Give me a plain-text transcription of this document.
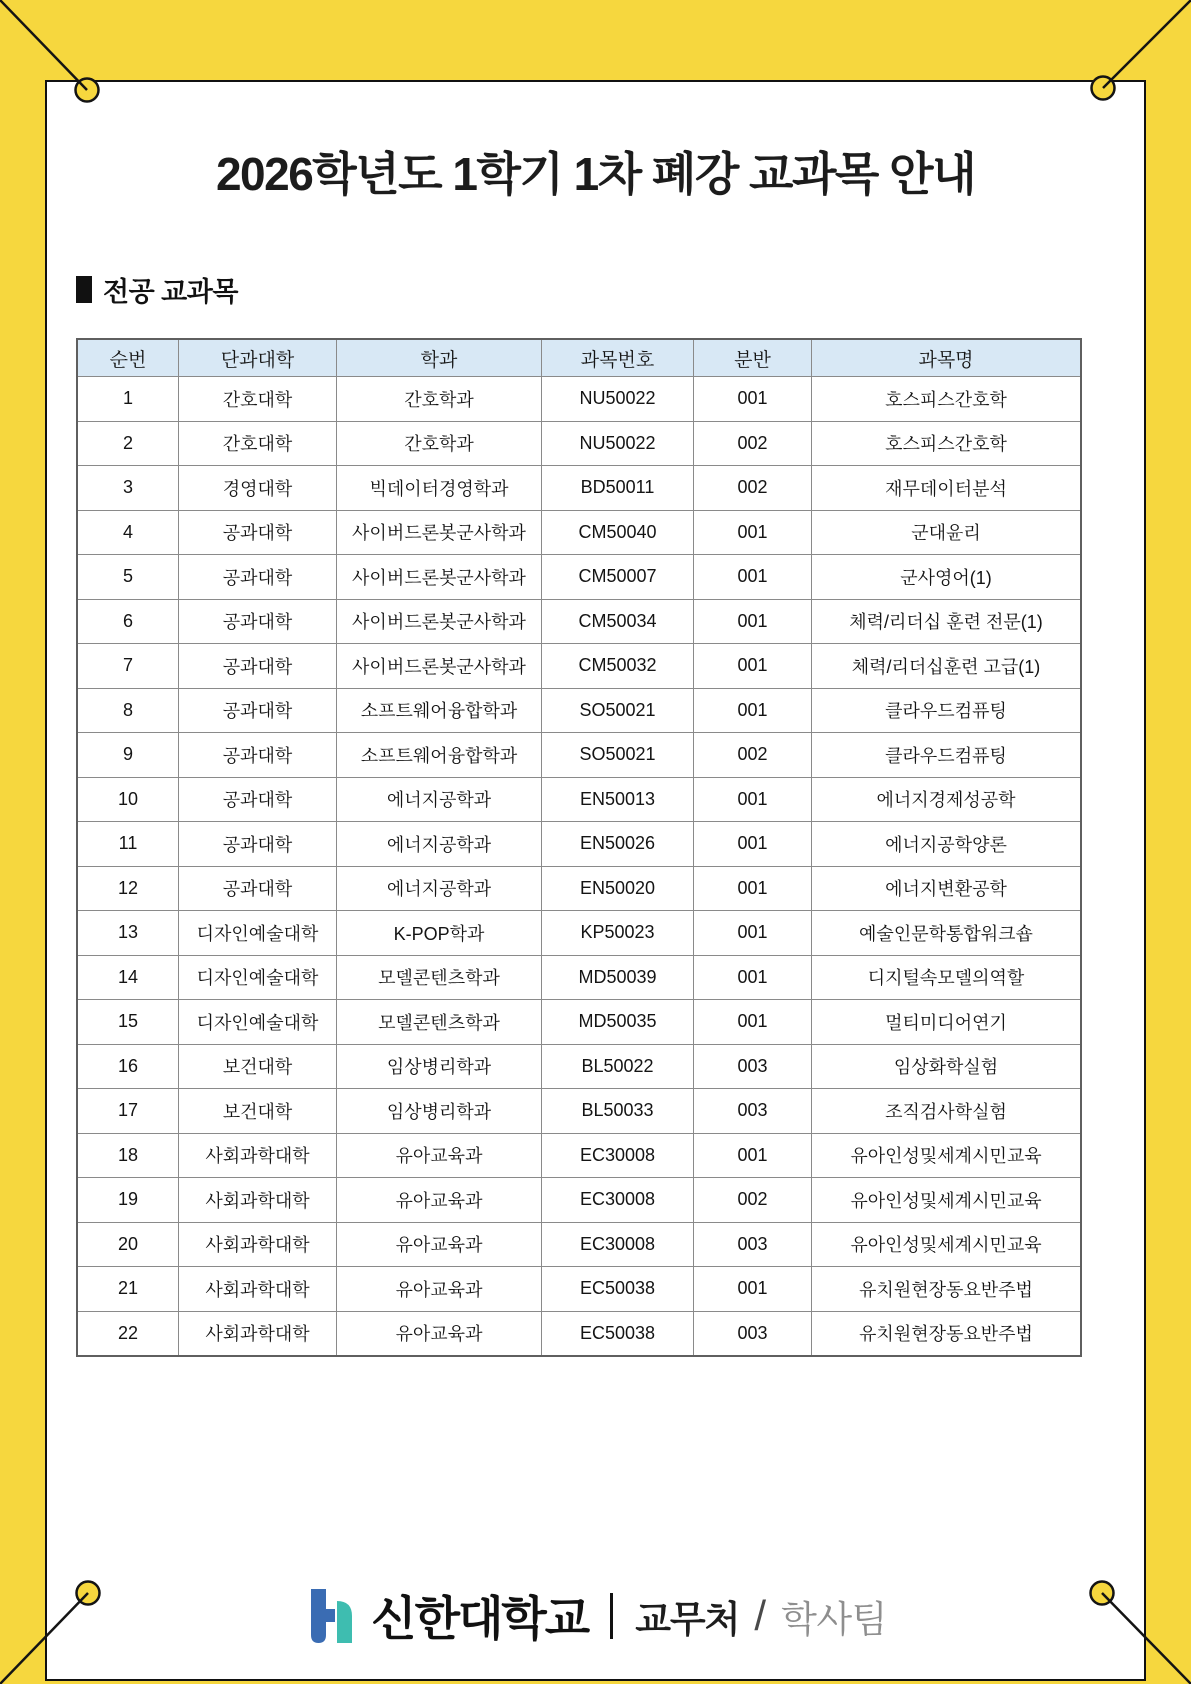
2026학년도 1학기 1차 폐강 교과목 안내
전공 교과목
순번	단과대학	학과	과목번호	분반	과목명
1	간호대학	간호학과	NU50022	001	호스피스간호학
2	간호대학	간호학과	NU50022	002	호스피스간호학
3	경영대학	빅데이터경영학과	BD50011	002	재무데이터분석
4	공과대학	사이버드론봇군사학과	CM50040	001	군대윤리
5	공과대학	사이버드론봇군사학과	CM50007	001	군사영어(1)
6	공과대학	사이버드론봇군사학과	CM50034	001	체력/리더십 훈련 전문(1)
7	공과대학	사이버드론봇군사학과	CM50032	001	체력/리더십훈련 고급(1)
8	공과대학	소프트웨어융합학과	SO50021	001	클라우드컴퓨팅
9	공과대학	소프트웨어융합학과	SO50021	002	클라우드컴퓨팅
10	공과대학	에너지공학과	EN50013	001	에너지경제성공학
11	공과대학	에너지공학과	EN50026	001	에너지공학양론
12	공과대학	에너지공학과	EN50020	001	에너지변환공학
13	디자인예술대학	K-POP학과	KP50023	001	예술인문학통합워크숍
14	디자인예술대학	모델콘텐츠학과	MD50039	001	디지털속모델의역할
15	디자인예술대학	모델콘텐츠학과	MD50035	001	멀티미디어연기
16	보건대학	임상병리학과	BL50022	003	임상화학실험
17	보건대학	임상병리학과	BL50033	003	조직검사학실험
18	사회과학대학	유아교육과	EC30008	001	유아인성및세계시민교육
19	사회과학대학	유아교육과	EC30008	002	유아인성및세계시민교육
20	사회과학대학	유아교육과	EC30008	003	유아인성및세계시민교육
21	사회과학대학	유아교육과	EC50038	001	유치원현장동요반주법
22	사회과학대학	유아교육과	EC50038	003	유치원현장동요반주법
신한대학교 교무처 / 학사팀
